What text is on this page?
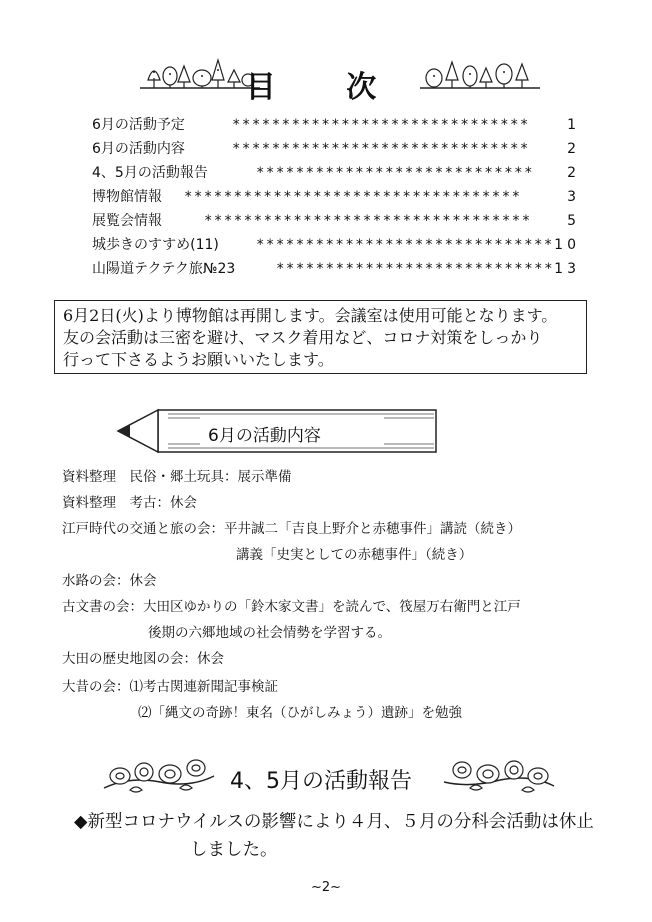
目 次
6月の活動予定	******************************	1
6月の活動内容	******************************	2
4、5月の活動報告	**************************** 2
博物館情報 **********************************	3
展覧会情報	*********************************	5
城歩きのすすめ(11)	****************************** 10
山陽道テクテク旅№23	**************************** 13

6月2日(火)より博物館は再開します。会議室は使用可能となります。

友の会活動は三密を避け、マスク着用など、コロナ対策をしっかり

行って下さるようお願いいたします。

6月の活動内容
資料整理　民俗・郷土玩具：展示準備
資料整理　考古：休会
江戸時代の交通と旅の会：平井誠二「吉良上野介と赤穂事件」講読（続き）
講義「史実としての赤穂事件」（続き）
水路の会：休会
古文書の会：大田区ゆかりの「鈴木家文書」を読んで、筏屋万右衛門と江戸
後期の六郷地域の社会情勢を学習する。
大田の歴史地図の会：休会
大昔の会：⑴考古関連新聞記事検証
⑵「縄文の奇跡！東名（ひがしみょう）遺跡」を勉強
4、5月の活動報告

◆新型コロナウイルスの影響により４月、５月の分科会活動は休止

しました。

~2~
